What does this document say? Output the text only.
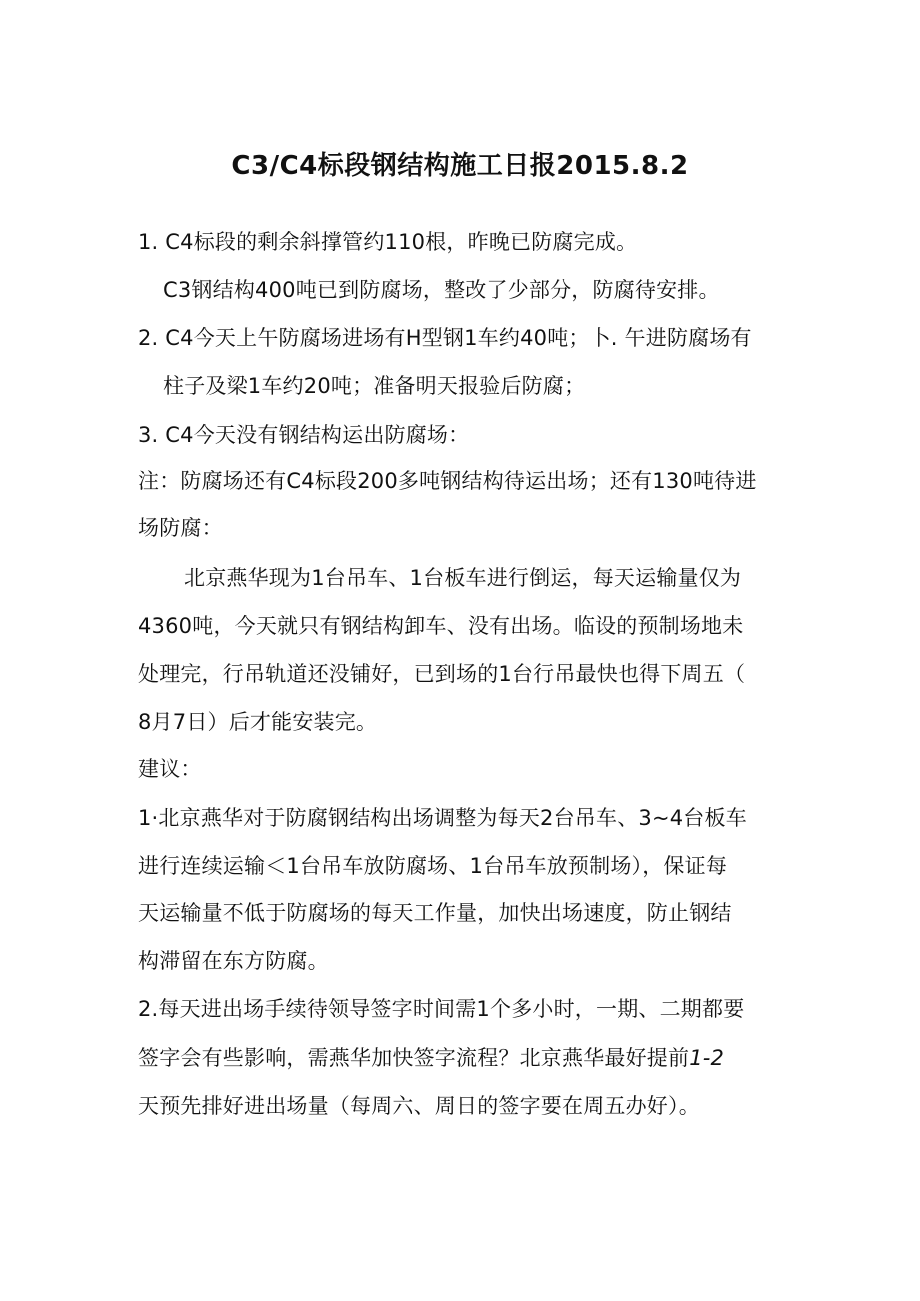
C3/C4标段钢结构施工日报2015.8.2
1. C4标段的剩余斜撑管约110根，昨晚已防腐完成。
C3钢结构400吨已到防腐场，整改了少部分，防腐待安排。
2. C4今天上午防腐场进场有H型钢1车约40吨；卜. 午进防腐场有
柱子及梁1车约20吨；准备明天报验后防腐；
3. C4今天没有钢结构运出防腐场：
注：防腐场还有C4标段200多吨钢结构待运出场；还有130吨待进
场防腐：
北京燕华现为1台吊车、1台板车进行倒运，每天运输量仅为
4360吨，今天就只有钢结构卸车、没有出场。临设的预制场地未
处理完，行吊轨道还没铺好，已到场的1台行吊最快也得下周五（
8月7日）后才能安装完。
建议：
1·北京燕华对于防腐钢结构出场调整为每天2台吊车、3~4台板车
进行连续运输＜1台吊车放防腐场、1台吊车放预制场），保证每
天运输量不低于防腐场的每天工作量，加快出场速度，防止钢结
构滞留在东方防腐。
2.每天进出场手续待领导签字时间需1个多小时，一期、二期都要
签字会有些影响，需燕华加快签字流程？北京燕华最好提前1-2
天预先排好进出场量（每周六、周日的签字要在周五办好）。
